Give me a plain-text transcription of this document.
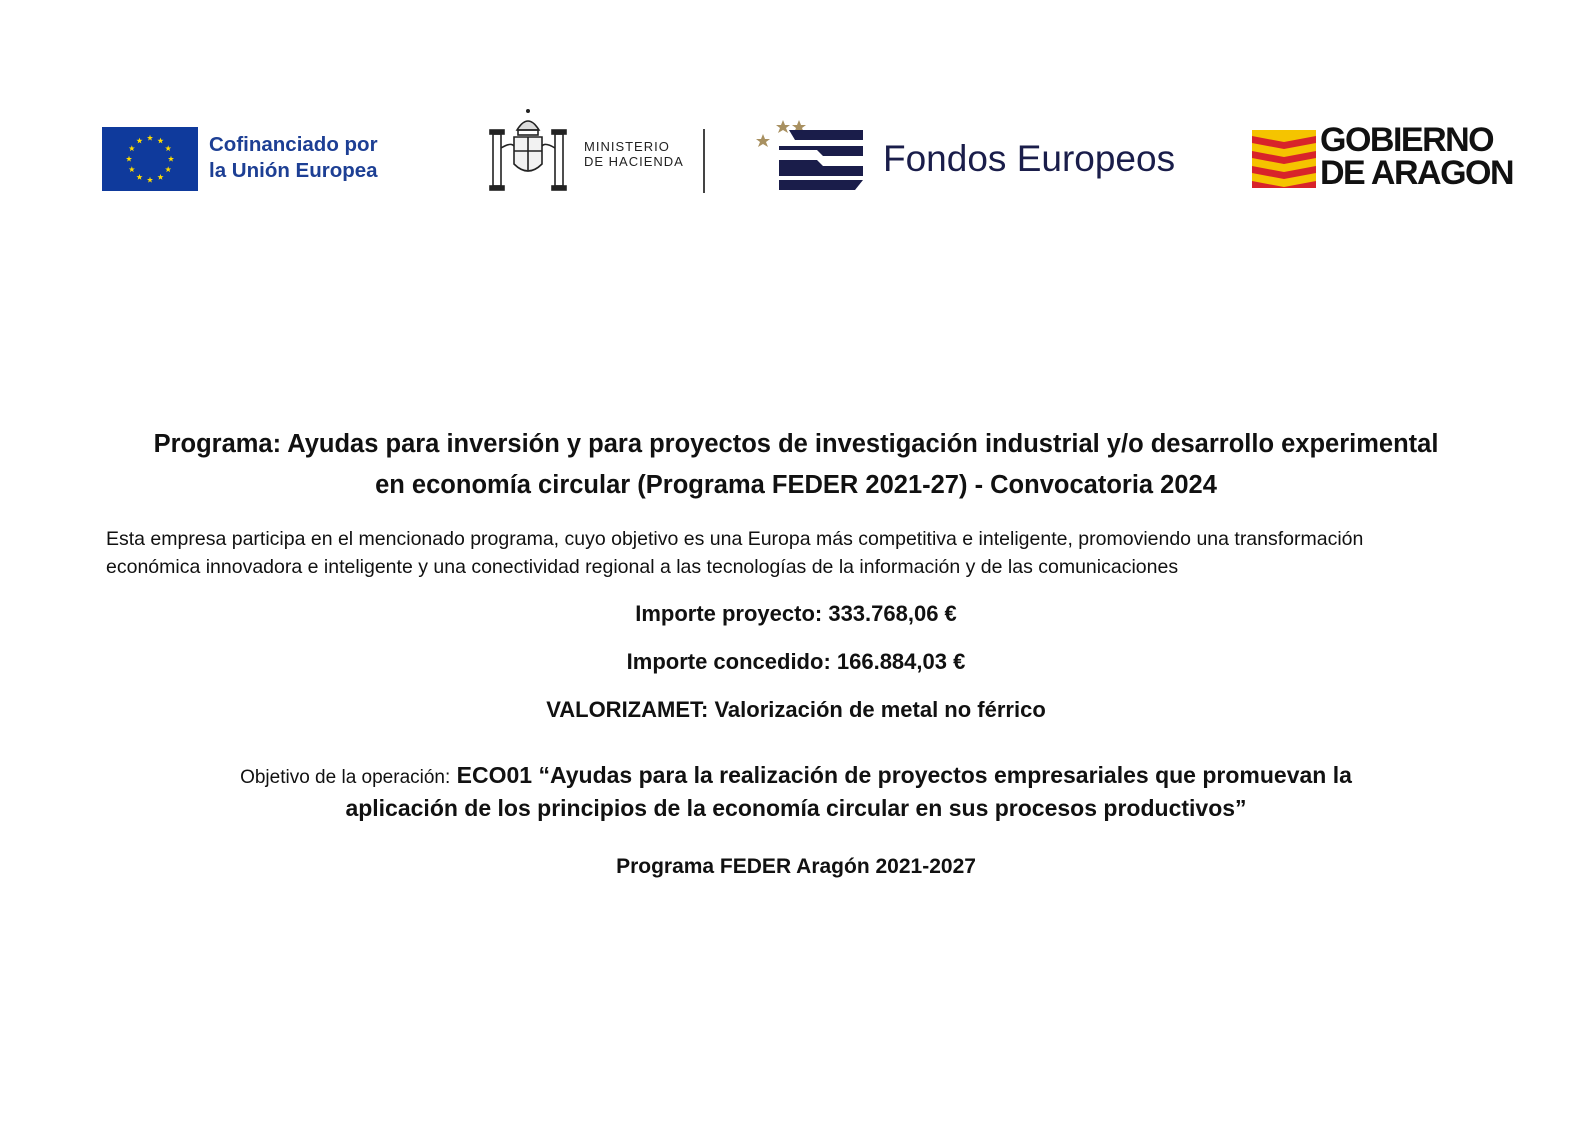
Cofinanciado por
la Unión Europea
MINISTERIO
DE HACIENDA	Fondos Europeos	GOBIERNO
DE ARAGON
Programa: Ayudas para inversión y para proyectos de investigación industrial y/o desarrollo experimental
en economía circular (Programa FEDER 2021-27) - Convocatoria 2024
Esta empresa participa en el mencionado programa, cuyo objetivo es una Europa más competitiva e inteligente, promoviendo una transformación
económica innovadora e inteligente y una conectividad regional a las tecnologías de la información y de las comunicaciones
Importe proyecto: 333.768,06 €
Importe concedido: 166.884,03 €
VALORIZAMET: Valorización de metal no férrico
Objetivo de la operación: ECO01 “Ayudas para la realización de proyectos empresariales que promuevan la
aplicación de los principios de la economía circular en sus procesos productivos”
Programa FEDER Aragón 2021-2027
